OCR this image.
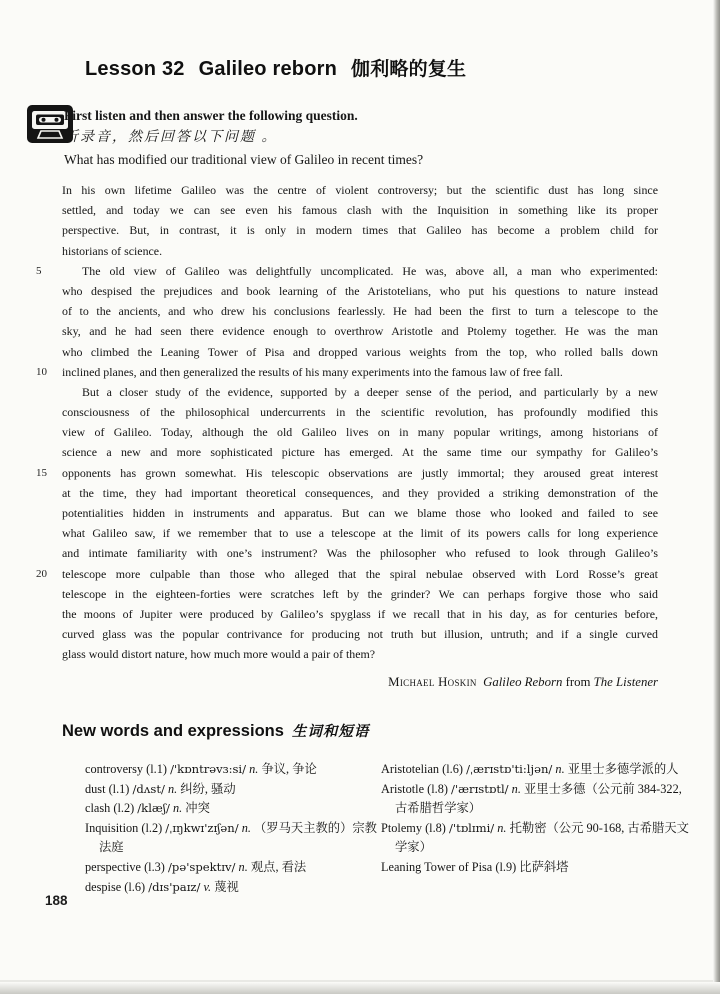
Lesson 32 Galileo reborn 伽利略的复生
First listen and then answer the following question.
听录音，然后回答以下问题 。
What has modified our traditional view of Galileo in recent times?
In his own lifetime Galileo was the centre of violent controversy; but the scientific dust has long since
settled, and today we can see even his famous clash with the Inquisition in something like its proper
perspective. But, in contrast, it is only in modern times that Galileo has become a problem child for
historians of science.
5	The old view of Galileo was delightfully uncomplicated. He was, above all, a man who experimented:
who despised the prejudices and book learning of the Aristotelians, who put his questions to nature instead
of to the ancients, and who drew his conclusions fearlessly. He had been the first to turn a telescope to the
sky, and he had seen there evidence enough to overthrow Aristotle and Ptolemy together. He was the man
who climbed the Leaning Tower of Pisa and dropped various weights from the top, who rolled balls down
10	inclined planes, and then generalized the results of his many experiments into the famous law of free fall.
But a closer study of the evidence, supported by a deeper sense of the period, and particularly by a new
consciousness of the philosophical undercurrents in the scientific revolution, has profoundly modified this
view of Galileo. Today, although the old Galileo lives on in many popular writings, among historians of
science a new and more sophisticated picture has emerged. At the same time our sympathy for Galileo’s
15	opponents has grown somewhat. His telescopic observations are justly immortal; they aroused great interest
at the time, they had important theoretical consequences, and they provided a striking demonstration of the
potentialities hidden in instruments and apparatus. But can we blame those who looked and failed to see
what Galileo saw, if we remember that to use a telescope at the limit of its powers calls for long experience
and intimate familiarity with one’s instrument? Was the philosopher who refused to look through Galileo’s
20	telescope more culpable than those who alleged that the spiral nebulae observed with Lord Rosse’s great
telescope in the eighteen-forties were scratches left by the grinder? We can perhaps forgive those who said
the moons of Jupiter were produced by Galileo’s spyglass if we recall that in his day, as for centuries before,
curved glass was the popular contrivance for producing not truth but illusion, untruth; and if a single curved
glass would distort nature, how much more would a pair of them?
Michael Hoskin Galileo Reborn from The Listener
New words and expressions 生词和短语
controversy (l.1) /'kɒntrəvɜ:si/ n. 争议, 争论
dust (l.1) /dʌst/ n. 纠纷, 骚动
clash (l.2) /klæʃ/ n. 冲突
Inquisition (l.2) /ˌɪŋkwɪ'zɪʃən/ n. （罗马天主教的）宗教法庭
perspective (l.3) /pə'spektɪv/ n. 观点, 看法
despise (l.6) /dɪs'paɪz/ v. 蔑视
Aristotelian (l.6) /ˌærɪstɒ'ti:ljən/ n. 亚里士多德学派的人
Aristotle (l.8) /'ærɪstɒtl/ n. 亚里士多德（公元前 384-322, 古希腊哲学家）
Ptolemy (l.8) /'tɒlɪmi/ n. 托勒密（公元 90-168, 古希腊天文学家）
Leaning Tower of Pisa (l.9) 比萨斜塔
188
